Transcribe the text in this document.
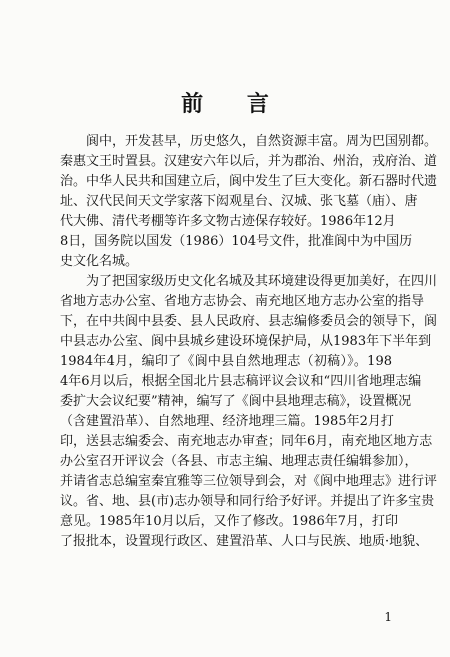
前 言
阆中，开发甚早，历史悠久，自然资源丰富。周为巴国别都。
秦惠文王时置县。汉建安六年以后，并为郡治、州治，戎府治、道
治。中华人民共和国建立后，阆中发生了巨大变化。新石器时代遗
址、汉代民间天文学家落下闳观星台、汉城、张飞墓（庙）、唐
代大佛、清代考棚等许多文物古迹保存较好。1986年12月
8日，国务院以国发（1986）104号文件，批准阆中为中国历
史文化名城。
为了把国家级历史文化名城及其环境建设得更加美好，在四川
省地方志办公室、省地方志协会、南充地区地方志办公室的指导
下，在中共阆中县委、县人民政府、县志编修委员会的领导下，阆
中县志办公室、阆中县城乡建设环境保护局，从1983年下半年到
1984年4月，编印了《阆中县自然地理志（初稿）》。198
4年6月以后，根据全国北片县志稿评议会议和“四川省地理志编
委扩大会议纪要”精神，编写了《阆中县地理志稿》，设置概况
（含建置沿革）、自然地理、经济地理三篇。1985年2月打
印，送县志编委会、南充地志办审查；同年6月，南充地区地方志
办公室召开评议会（各县、市志主编、地理志责任编辑参加），
并请省志总编室秦宜雅等三位领导到会，对《阆中地理志》进行评
议。省、地、县(市)志办领导和同行给予好评。并提出了许多宝贵
意见。1985年10月以后，又作了修改。1986年7月，打印
了报批本，设置现行政区、建置沿革、人口与民族、地质·地貌、
1
